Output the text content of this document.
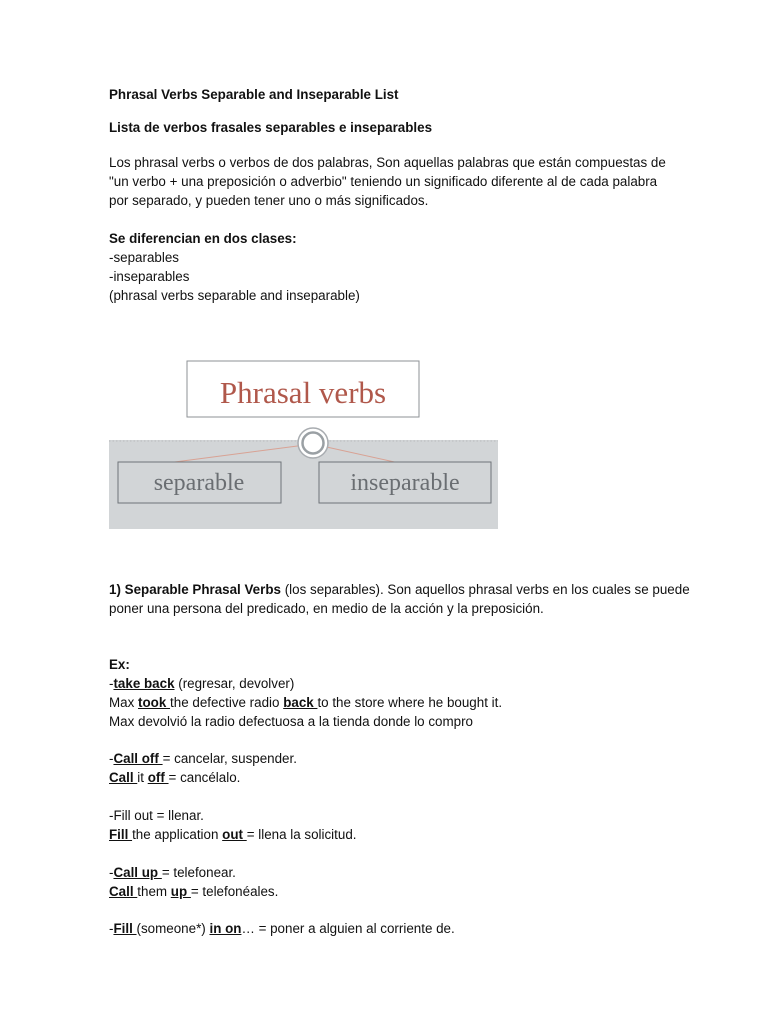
Phrasal Verbs Separable and Inseparable List
Lista de verbos frasales separables e inseparables
Los phrasal verbs o verbos de dos palabras, Son aquellas palabras que están compuestas de
"un verbo + una preposición o adverbio" teniendo un significado diferente al de cada palabra
por separado, y pueden tener uno o más significados.
Se diferencian en dos clases:
-separables
-inseparables
(phrasal verbs separable and inseparable)
Phrasal verbs
separable	inseparable
1) Separable Phrasal Verbs (los separables). Son aquellos phrasal verbs en los cuales se puede
poner una persona del predicado, en medio de la acción y la preposición.
Ex:
-take back (regresar, devolver)
Max took the defective radio back to the store where he bought it.
Max devolvió la radio defectuosa a la tienda donde lo compro
-Call off = cancelar, suspender.
Call it off = cancélalo.
-Fill out = llenar.
Fill the application out = llena la solicitud.
-Call up = telefonear.
Call them up = telefonéales.
-Fill (someone*) in on… = poner a alguien al corriente de.
